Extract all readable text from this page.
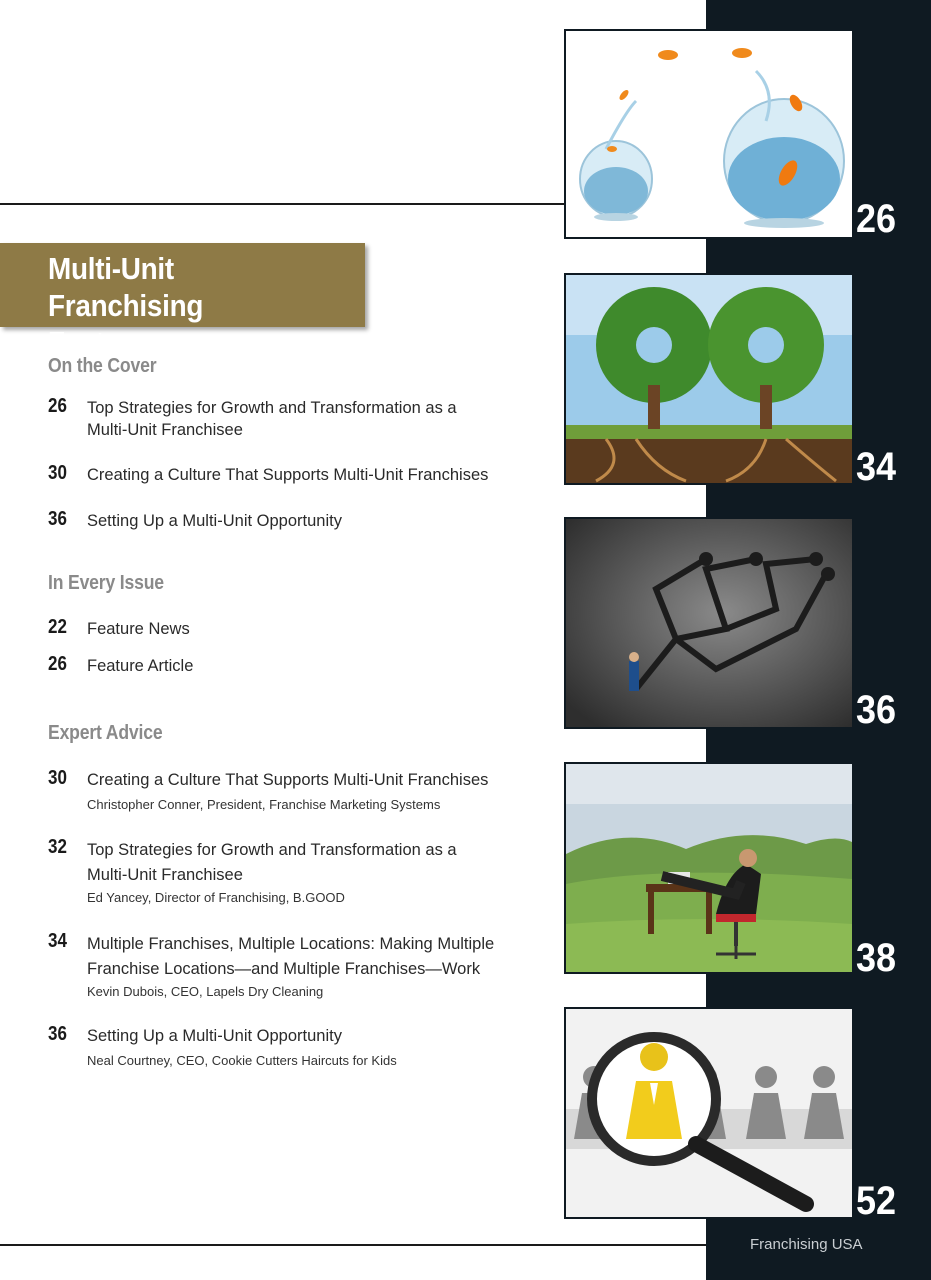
Multi-Unit Franchising
Feature
On the Cover
26 Top Strategies for Growth and Transformation as a
Multi-Unit Franchisee
30 Creating a Culture That Supports Multi-Unit Franchises
36 Setting Up a Multi-Unit Opportunity
In Every Issue
22 Feature News
26 Feature Article
Expert Advice
30 Creating a Culture That Supports Multi-Unit Franchises
Christopher Conner, President, Franchise Marketing Systems
32 Top Strategies for Growth and Transformation as a
Multi-Unit Franchisee
Ed Yancey, Director of Franchising, B.GOOD
34 Multiple Franchises, Multiple Locations: Making Multiple
Franchise Locations—and Multiple Franchises—Work
Kevin Dubois, CEO, Lapels Dry Cleaning
36 Setting Up a Multi-Unit Opportunity
Neal Courtney, CEO, Cookie Cutters Haircuts for Kids
26
34
36
38
52
Franchising USA
